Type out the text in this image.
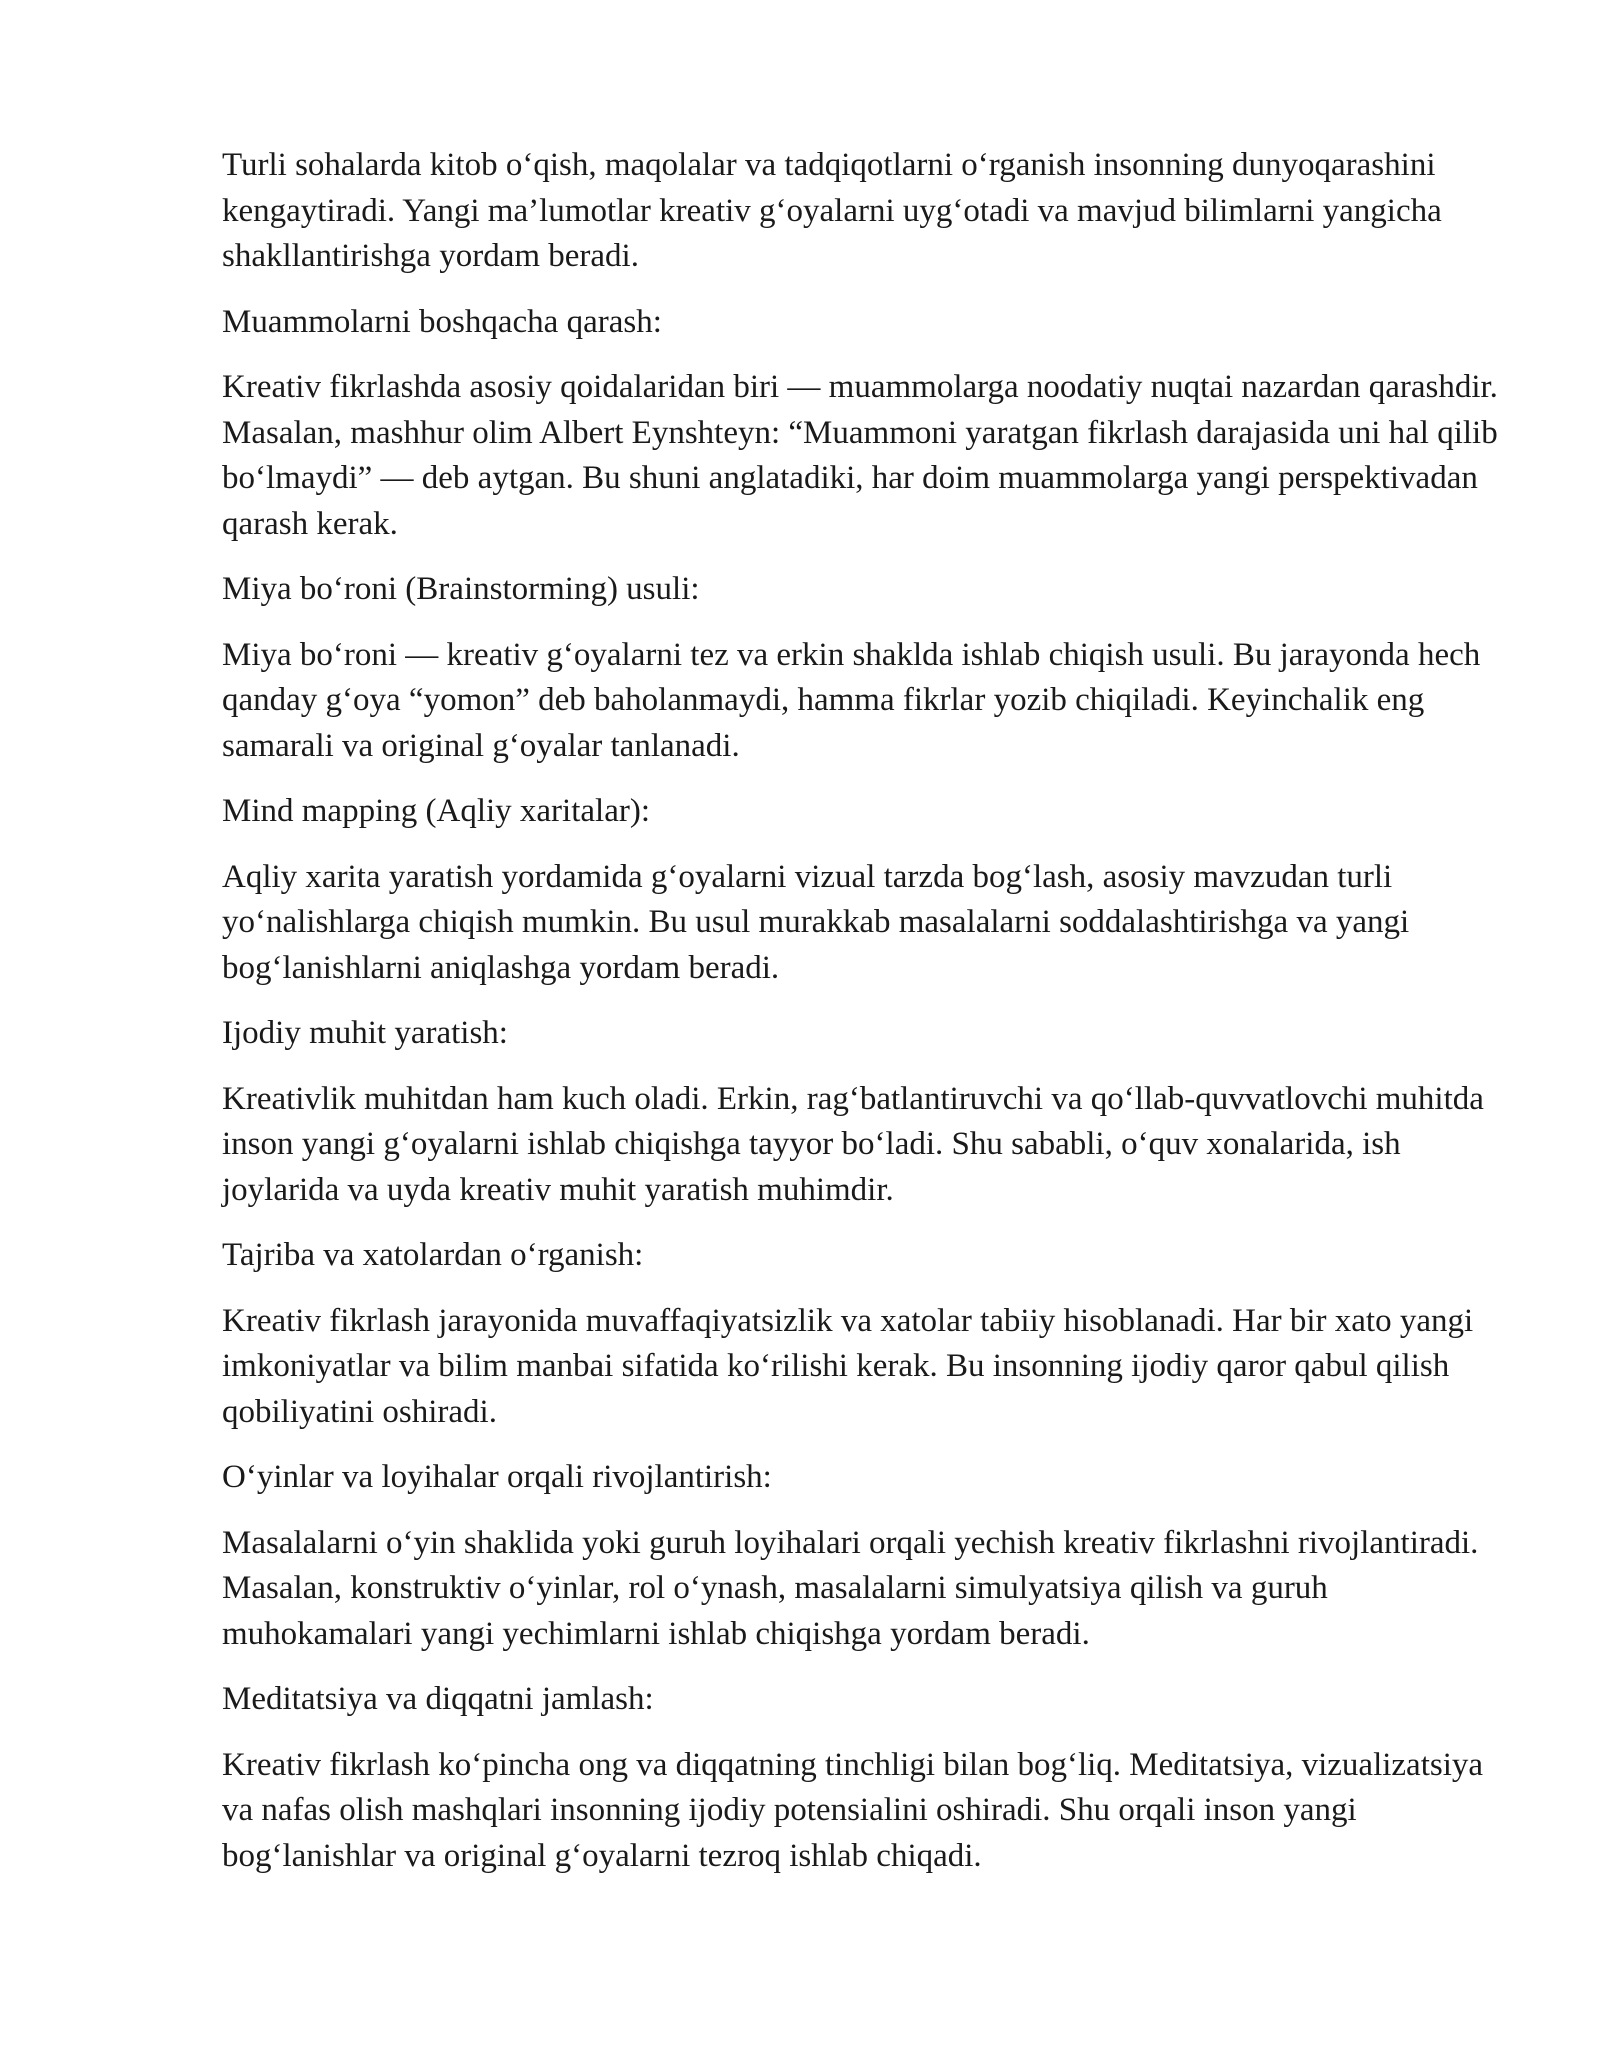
Turli sohalarda kitob o‘qish, maqolalar va tadqiqotlarni o‘rganish insonning dunyoqarashini kengaytiradi. Yangi ma’lumotlar kreativ g‘oyalarni uyg‘otadi va mavjud bilimlarni yangicha shakllantirishga yordam beradi.

Muammolarni boshqacha qarash:

Kreativ fikrlashda asosiy qoidalaridan biri — muammolarga noodatiy nuqtai nazardan qarashdir. Masalan, mashhur olim Albert Eynshteyn: “Muammoni yaratgan fikrlash darajasida uni hal qilib bo‘lmaydi” — deb aytgan. Bu shuni anglatadiki, har doim muammolarga yangi perspektivadan qarash kerak.

Miya bo‘roni (Brainstorming) usuli:

Miya bo‘roni — kreativ g‘oyalarni tez va erkin shaklda ishlab chiqish usuli. Bu jarayonda hech qanday g‘oya “yomon” deb baholanmaydi, hamma fikrlar yozib chiqiladi. Keyinchalik eng samarali va original g‘oyalar tanlanadi.

Mind mapping (Aqliy xaritalar):

Aqliy xarita yaratish yordamida g‘oyalarni vizual tarzda bog‘lash, asosiy mavzudan turli yo‘nalishlarga chiqish mumkin. Bu usul murakkab masalalarni soddalashtirishga va yangi bog‘lanishlarni aniqlashga yordam beradi.

Ijodiy muhit yaratish:

Kreativlik muhitdan ham kuch oladi. Erkin, rag‘batlantiruvchi va qo‘llab-quvvatlovchi muhitda inson yangi g‘oyalarni ishlab chiqishga tayyor bo‘ladi. Shu sababli, o‘quv xonalarida, ish joylarida va uyda kreativ muhit yaratish muhimdir.

Tajriba va xatolardan o‘rganish:

Kreativ fikrlash jarayonida muvaffaqiyatsizlik va xatolar tabiiy hisoblanadi. Har bir xato yangi imkoniyatlar va bilim manbai sifatida ko‘rilishi kerak. Bu insonning ijodiy qaror qabul qilish qobiliyatini oshiradi.

O‘yinlar va loyihalar orqali rivojlantirish:

Masalalarni o‘yin shaklida yoki guruh loyihalari orqali yechish kreativ fikrlashni rivojlantiradi. Masalan, konstruktiv o‘yinlar, rol o‘ynash, masalalarni simulyatsiya qilish va guruh muhokamalari yangi yechimlarni ishlab chiqishga yordam beradi.

Meditatsiya va diqqatni jamlash:

Kreativ fikrlash ko‘pincha ong va diqqatning tinchligi bilan bog‘liq. Meditatsiya, vizualizatsiya va nafas olish mashqlari insonning ijodiy potensialini oshiradi. Shu orqali inson yangi bog‘lanishlar va original g‘oyalarni tezroq ishlab chiqadi.
